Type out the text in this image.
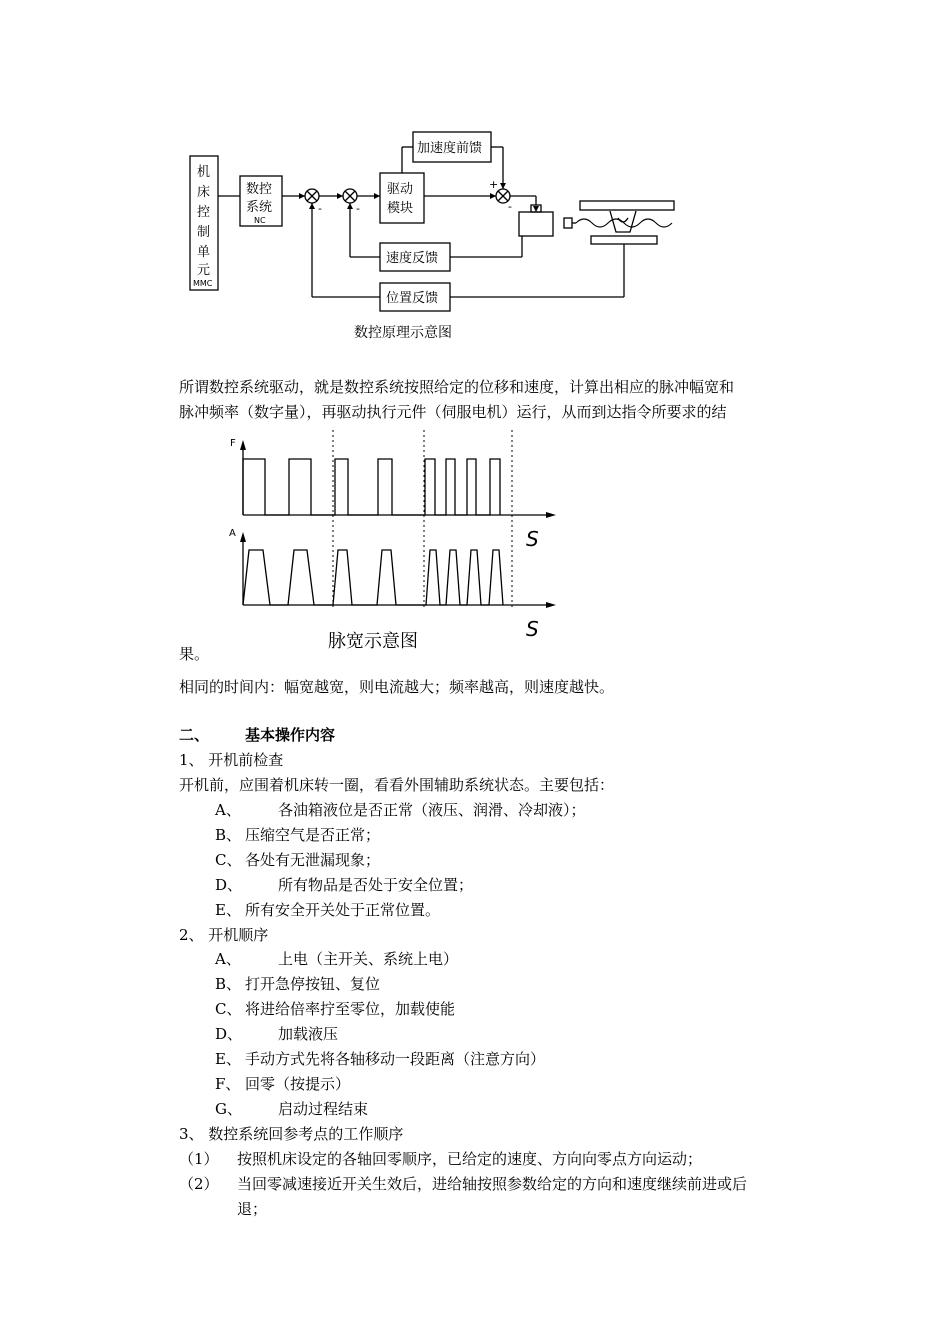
机
床
控
制
单
元
MMC
数控
系统
NC
驱动
模块
加速度前馈
速度反馈
位置反馈
+
-	-	-
数控原理示意图
所谓数控系统驱动，就是数控系统按照给定的位移和速度，计算出相应的脉冲幅宽和
脉冲频率（数字量），再驱动执行元件（伺服电机）运行，从而到达指令所要求的结
F
A	S
S
脉宽示意图
果。
相同的时间内：幅宽越宽，则电流越大；频率越高，则速度越快。
二、 基本操作内容
1、 开机前检查
开机前，应围着机床转一圈，看看外围辅助系统状态。主要包括：
A、 各油箱液位是否正常（液压、润滑、冷却液）；
B、 压缩空气是否正常；
C、 各处有无泄漏现象；
D、 所有物品是否处于安全位置；
E、 所有安全开关处于正常位置。
2、 开机顺序
A、 上电（主开关、系统上电）
B、 打开急停按钮、复位
C、 将进给倍率拧至零位，加载使能
D、 加载液压
E、 手动方式先将各轴移动一段距离（注意方向）
F、 回零（按提示）
G、 启动过程结束
3、 数控系统回参考点的工作顺序
（1） 按照机床设定的各轴回零顺序，已给定的速度、方向向零点方向运动；
（2） 当回零减速接近开关生效后，进给轴按照参数给定的方向和速度继续前进或后
退；
